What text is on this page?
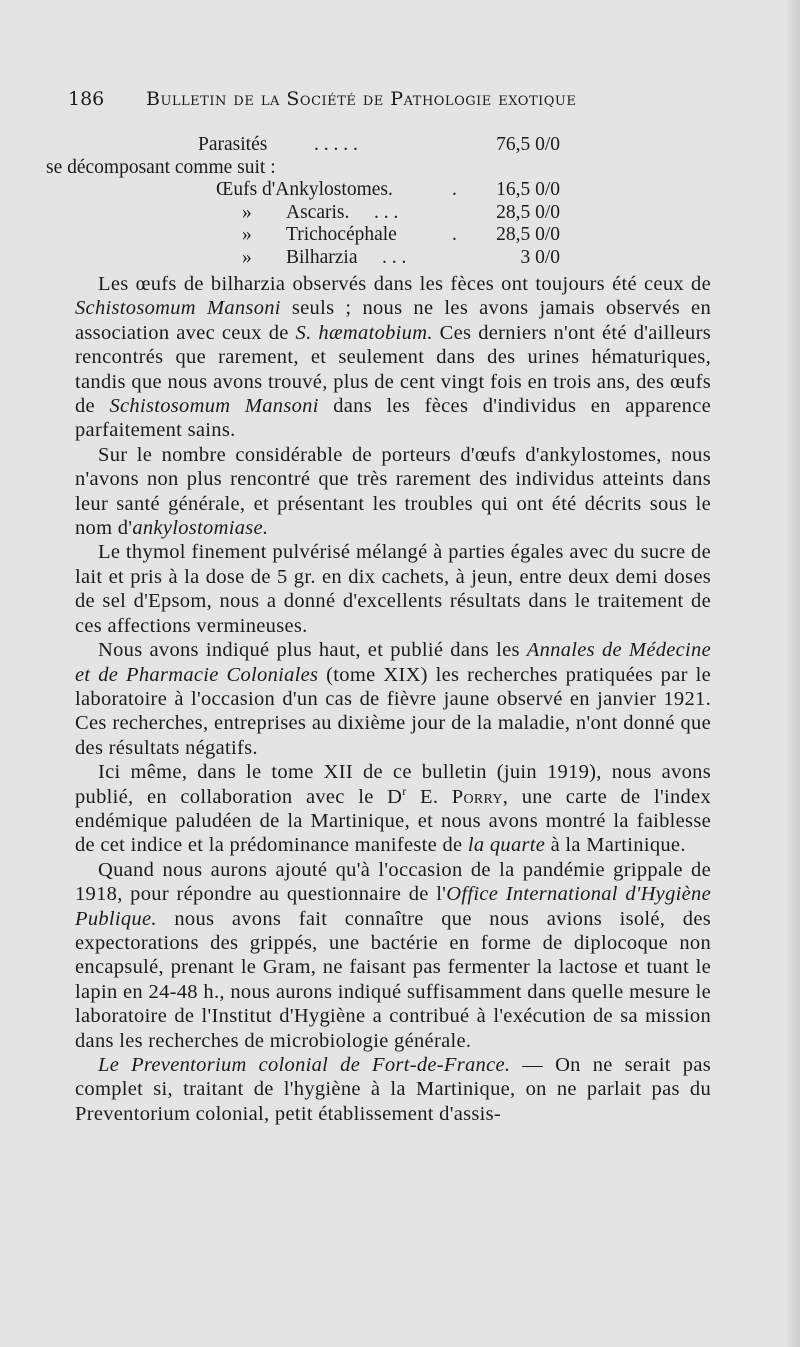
186 Bulletin de la Société de Pathologie exotique
Parasités . . . . .	76,5 0/0
se décomposant comme suit :
Œufs d'Ankylostomes.	. 16,5 0/0
» Ascaris. . . .	28,5 0/0
» Trichocéphale	. 28,5 0/0
» Bilharzia . . .	3 0/0

Les œufs de bilharzia observés dans les fèces ont toujours été ceux de Schistosomum Mansoni seuls ; nous ne les avons jamais observés en association avec ceux de S. hæmatobium. Ces derniers n'ont été d'ailleurs rencontrés que rarement, et seulement dans des urines hématuriques, tandis que nous avons trouvé, plus de cent vingt fois en trois ans, des œufs de Schistosomum Mansoni dans les fèces d'individus en apparence parfaitement sains.

Sur le nombre considérable de porteurs d'œufs d'ankylostomes, nous n'avons non plus rencontré que très rarement des individus atteints dans leur santé générale, et présentant les troubles qui ont été décrits sous le nom d'ankylostomiase.

Le thymol finement pulvérisé mélangé à parties égales avec du sucre de lait et pris à la dose de 5 gr. en dix cachets, à jeun, entre deux demi doses de sel d'Epsom, nous a donné d'excellents résultats dans le traitement de ces affections vermineuses.

Nous avons indiqué plus haut, et publié dans les Annales de Médecine et de Pharmacie Coloniales (tome XIX) les recherches pratiquées par le laboratoire à l'occasion d'un cas de fièvre jaune observé en janvier 1921. Ces recherches, entreprises au dixième jour de la maladie, n'ont donné que des résultats négatifs.

Ici même, dans le tome XII de ce bulletin (juin 1919), nous avons publié, en collaboration avec le $D^r$ E. Porry, une carte de l'index endémique paludéen de la Martinique, et nous avons montré la faiblesse de cet indice et la prédominance manifeste de la quarte à la Martinique.

Quand nous aurons ajouté qu'à l'occasion de la pandémie grippale de 1918, pour répondre au questionnaire de l'Office International d'Hygiène Publique. nous avons fait connaître que nous avions isolé, des expectorations des grippés, une bactérie en forme de diplocoque non encapsulé, prenant le Gram, ne faisant pas fermenter la lactose et tuant le lapin en 24-48 h., nous aurons indiqué suffisamment dans quelle mesure le laboratoire de l'Institut d'Hygiène a contribué à l'exécution de sa mission dans les recherches de microbiologie générale.

Le Preventorium colonial de Fort-de-France. — On ne serait pas complet si, traitant de l'hygiène à la Martinique, on ne parlait pas du Preventorium colonial, petit établissement d'assis-
